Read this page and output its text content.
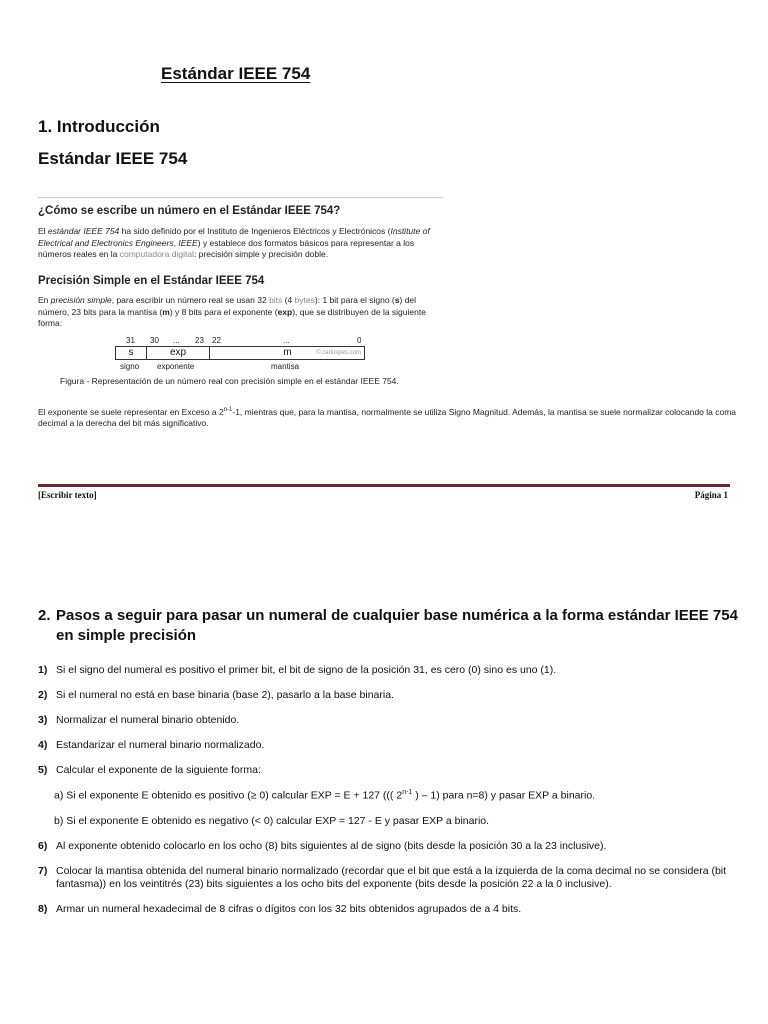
Estándar IEEE 754
1. Introducción
Estándar IEEE 754
¿Cómo se escribe un número en el Estándar IEEE 754?
El estándar IEEE 754 ha sido definido por el Instituto de Ingenieros Eléctricos y Electrónicos (Institute of Electrical and Electronics Engineers, IEEE) y establece dos formatos básicos para representar a los números reales en la computadora digital: precisión simple y precisión doble.
Precisión Simple en el Estándar IEEE 754
En precisión simple, para escribir un número real se usan 32 bits (4 bytes): 1 bit para el signo (s) del número, 23 bits para la mantisa (m) y 8 bits para el exponente (exp), que se distribuyen de la siguiente forma:
31 30 ... 23 22	...	0
s	exp	m	© carlospes.com
signo exponente	mantisa
Figura - Representación de un número real con precisión simple en el estándar IEEE 754.
El exponente se suele representar en Exceso a 2$^{n-1}$-1, mientras que, para la mantisa, normalmente se utiliza Signo Magnitud. Además, la mantisa se suele normalizar colocando la coma decimal a la derecha del bit más significativo.
[Escribir texto]	Página 1
2. Pasos a seguir para pasar un numeral de cualquier base numérica a la forma estándar IEEE 754 en simple precisión
1) Si el signo del numeral es positivo el primer bit, el bit de signo de la posición 31, es cero (0) sino es uno (1).
2) Si el numeral no está en base binaria (base 2), pasarlo a la base binaria.
3) Normalizar el numeral binario obtenido.
4) Estandarizar el numeral binario normalizado.
5) Calcular el exponente de la siguiente forma:
a) Si el exponente E obtenido es positivo (≥ 0) calcular EXP = E + 127 ((( 2$^{n-1}$ ) – 1) para n=8) y pasar EXP a binario.
b) Si el exponente E obtenido es negativo (< 0) calcular EXP = 127 - E y pasar EXP a binario.
6) Al exponente obtenido colocarlo en los ocho (8) bits siguientes al de signo (bits desde la posición 30 a la 23 inclusive).
7) Colocar la mantisa obtenida del numeral binario normalizado (recordar que el bit que está a la izquierda de la coma decimal no se considera (bit fantasma)) en los veintitrés (23) bits siguientes a los ocho bits del exponente (bits desde la posición 22 a la 0 inclusive).
8) Armar un numeral hexadecimal de 8 cifras o dígitos con los 32 bits obtenidos agrupados de a 4 bits.
